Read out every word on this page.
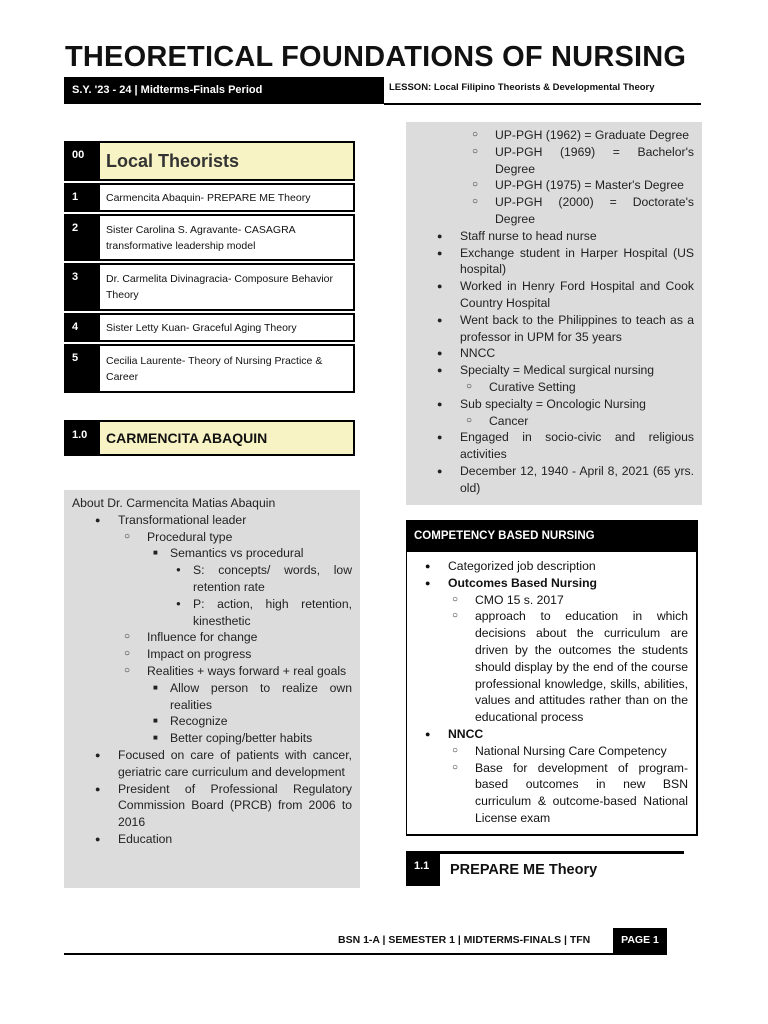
THEORETICAL FOUNDATIONS OF NURSING
S.Y. '23 - 24 | Midterms-Finals Period	LESSON: Local Filipino Theorists & Developmental Theory
00	Local Theorists
1	Carmencita Abaquin- PREPARE ME Theory
2	Sister Carolina S. Agravante- CASAGRA transformative leadership model
3	Dr. Carmelita Divinagracia- Composure Behavior Theory
4	Sister Letty Kuan- Graceful Aging Theory
5	Cecilia Laurente- Theory of Nursing Practice & Career
1.0	CARMENCITA ABAQUIN
About Dr. Carmencita Matias Abaquin
● Transformational leader
○ Procedural type
■ Semantics vs procedural
● S: concepts/ words, low retention rate
● P: action, high retention, kinesthetic
○ Influence for change
○ Impact on progress
○ Realities + ways forward + real goals
■ Allow person to realize own realities
■ Recognize
■ Better coping/better habits
● Focused on care of patients with cancer, geriatric care curriculum and development
● President of Professional Regulatory Commission Board (PRCB) from 2006 to 2016
● Education
○ UP-PGH (1962) = Graduate Degree
○ UP-PGH (1969) = Bachelor's Degree
○ UP-PGH (1975) = Master's Degree
○ UP-PGH (2000) = Doctorate's Degree
● Staff nurse to head nurse
● Exchange student in Harper Hospital (US hospital)
● Worked in Henry Ford Hospital and Cook Country Hospital
● Went back to the Philippines to teach as a professor in UPM for 35 years
● NNCC
● Specialty = Medical surgical nursing
○ Curative Setting
● Sub specialty = Oncologic Nursing
○ Cancer
● Engaged in socio-civic and religious activities
● December 12, 1940 - April 8, 2021 (65 yrs. old)
COMPETENCY BASED NURSING
● Categorized job description
● Outcomes Based Nursing
○ CMO 15 s. 2017
○ approach to education in which decisions about the curriculum are driven by the outcomes the students should display by the end of the course professional knowledge, skills, abilities, values and attitudes rather than on the educational process
● NNCC
○ National Nursing Care Competency
○ Base for development of program-based outcomes in new BSN curriculum & outcome-based National License exam
1.1	PREPARE ME Theory
BSN 1-A | SEMESTER 1 | MIDTERMS-FINALS | TFN	PAGE 1
